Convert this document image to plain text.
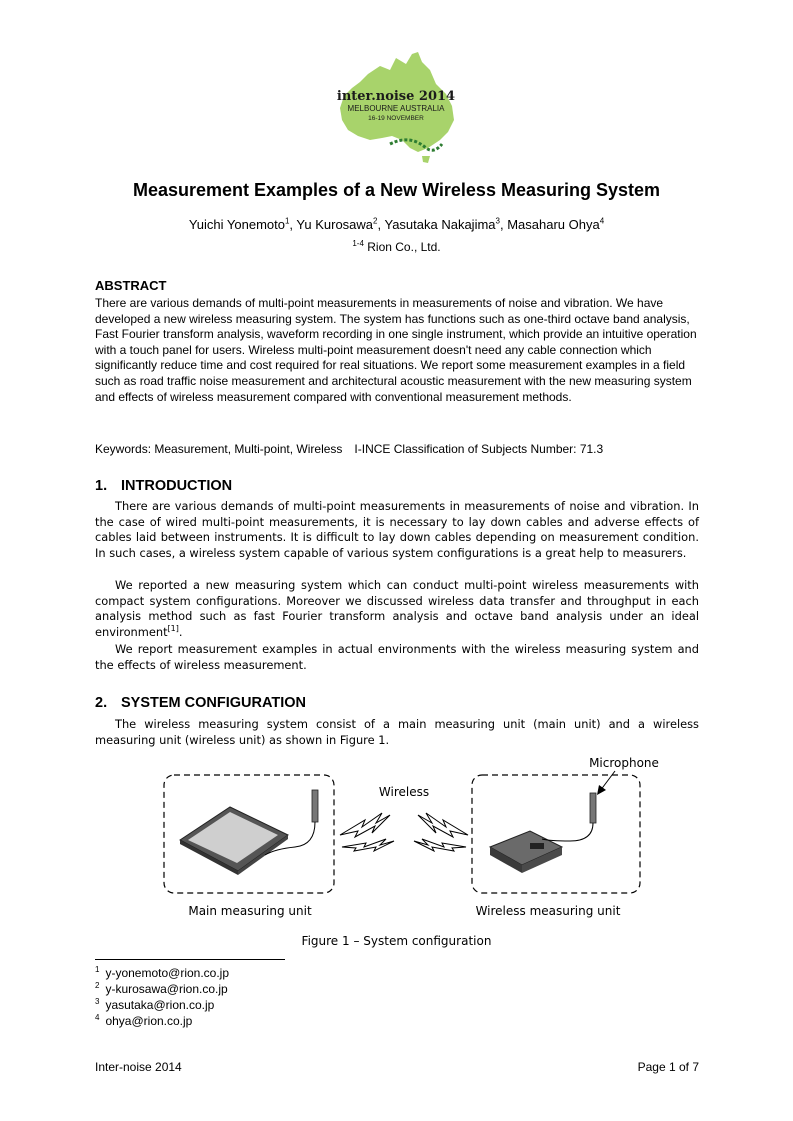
inter.noise 2014
MELBOURNE AUSTRALIA
16-19 NOVEMBER
Measurement Examples of a New Wireless Measuring System
Yuichi Yonemoto$^1$, Yu Kurosawa$^2$, Yasutaka Nakajima$^3$, Masaharu Ohya$^4$
$^{1-4}$ Rion Co., Ltd.
ABSTRACT
There are various demands of multi-point measurements in measurements of noise and vibration. We have developed a new wireless measuring system. The system has functions such as one-third octave band analysis, Fast Fourier transform analysis, waveform recording in one single instrument, which provide an intuitive operation with a touch panel for users. Wireless multi-point measurement doesn't need any cable connection which significantly reduce time and cost required for real situations. We report some measurement examples in a field such as road traffic noise measurement and architectural acoustic measurement with the new measuring system and effects of wireless measurement compared with conventional measurement methods.
Keywords: Measurement, Multi-point, Wireless I-INCE Classification of Subjects Number: 71.3
1. INTRODUCTION
There are various demands of multi-point measurements in measurements of noise and vibration. In the case of wired multi-point measurements, it is necessary to lay down cables and adverse effects of cables laid between instruments. It is difficult to lay down cables depending on measurement condition. In such cases, a wireless system capable of various system configurations is a great help to measurers.
We reported a new measuring system which can conduct multi-point wireless measurements with compact system configurations. Moreover we discussed wireless data transfer and throughput in each analysis method such as fast Fourier transform analysis and octave band analysis under an ideal environment[1].
We report measurement examples in actual environments with the wireless measuring system and the effects of wireless measurement.
2. SYSTEM CONFIGURATION
The wireless measuring system consist of a main measuring unit (main unit) and a wireless measuring unit (wireless unit) as shown in Figure 1.
Microphone
Wireless
Main measuring unit	Wireless measuring unit
Figure 1 – System configuration
$^1$ y-yonemoto@rion.co.jp
$^2$ y-kurosawa@rion.co.jp
$^3$ yasutaka@rion.co.jp
$^4$ ohya@rion.co.jp
Inter-noise 2014	Page 1 of 7
